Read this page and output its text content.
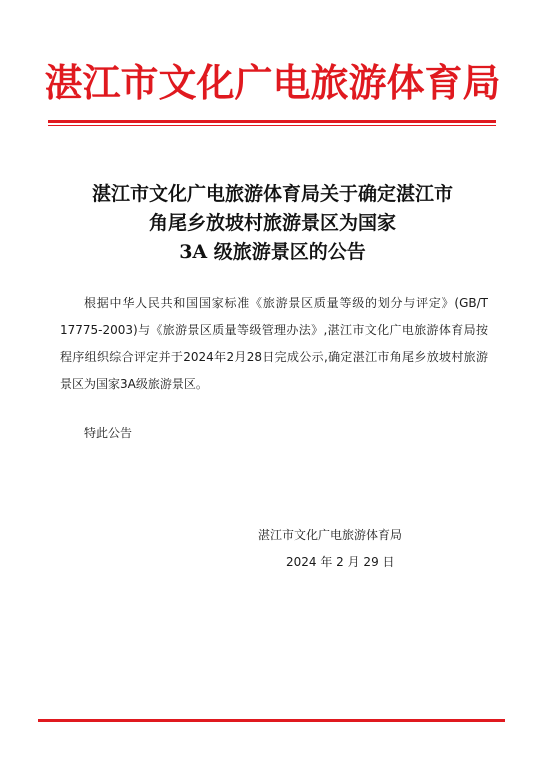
湛江市文化广电旅游体育局
湛江市文化广电旅游体育局关于确定湛江市
角尾乡放坡村旅游景区为国家
3A 级旅游景区的公告

根据中华人民共和国国家标准《旅游景区质量等级的划分与评定》(GB/T 17775-2003)与《旅游景区质量等级管理办法》,湛江市文化广电旅游体育局按程序组织综合评定并于2024年2月28日完成公示,确定湛江市角尾乡放坡村旅游景区为国家3A级旅游景区。

特此公告
湛江市文化广电旅游体育局
2024 年 2 月 29 日
